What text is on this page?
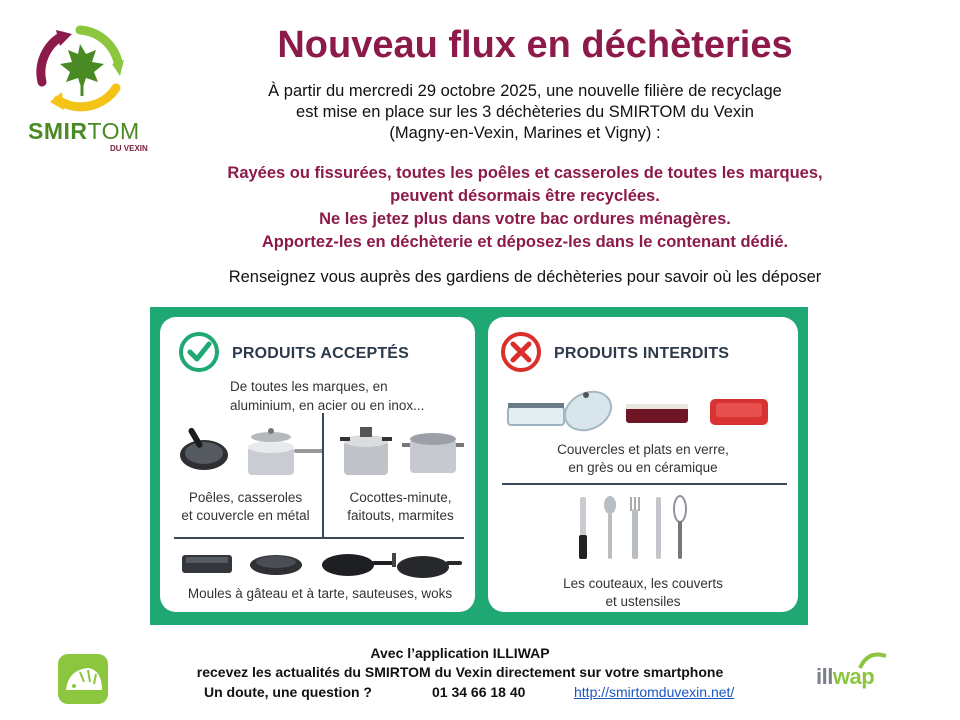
SMIRTOM
DU VEXIN
Nouveau flux en déchèteries
À partir du mercredi 29 octobre 2025, une nouvelle filière de recyclage
est mise en place sur les 3 déchèteries du SMIRTOM du Vexin
(Magny-en-Vexin, Marines et Vigny) :
Rayées ou fissurées, toutes les poêles et casseroles de toutes les marques,
peuvent désormais être recyclées.
Ne les jetez plus dans votre bac ordures ménagères.
Apportez-les en déchèterie et déposez-les dans le contenant dédié.
Renseignez vous auprès des gardiens de déchèteries pour savoir où les déposer
PRODUITS ACCEPTÉS
De toutes les marques, en
aluminium, en acier ou en inox...
Poêles, casseroles
et couvercle en métal
Cocottes-minute,
faitouts, marmites
Moules à gâteau et à tarte, sauteuses, woks
PRODUITS INTERDITS
Couvercles et plats en verre,
en grès ou en céramique
Les couteaux, les couverts
et ustensiles
Avec l’application ILLIWAP
recevez les actualités du SMIRTOM du Vexin directement sur votre smartphone
Un doute, une question ?	01 34 66 18 40	http://smirtomduvexin.net/
illwap
